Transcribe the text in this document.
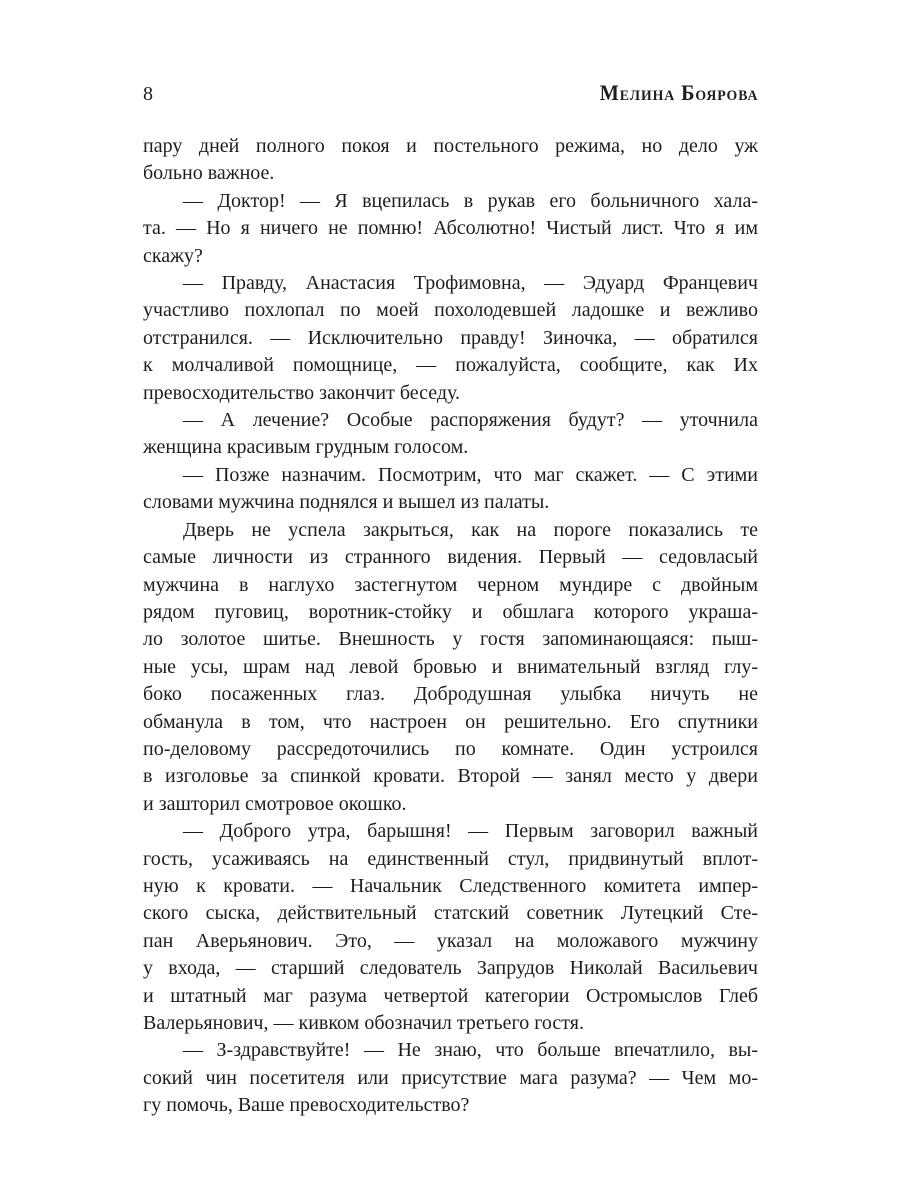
8	Мелина Боярова
пару дней полного покоя и постельного режима, но дело уж
больно важное.
— Доктор! — Я вцепилась в рукав его больничного хала-
та. — Но я ничего не помню! Абсолютно! Чистый лист. Что я им
скажу?
— Правду, Анастасия Трофимовна, — Эдуард Францевич
участливо похлопал по моей похолодевшей ладошке и вежливо
отстранился. — Исключительно правду! Зиночка, — обратился
к молчаливой помощнице, — пожалуйста, сообщите, как Их
превосходительство закончит беседу.
— А лечение? Особые распоряжения будут? — уточнила
женщина красивым грудным голосом.
— Позже назначим. Посмотрим, что маг скажет. — С этими
словами мужчина поднялся и вышел из палаты.
Дверь не успела закрыться, как на пороге показались те
самые личности из странного видения. Первый — седовласый
мужчина в наглухо застегнутом черном мундире с двойным
рядом пуговиц, воротник-стойку и обшлага которого украша-
ло золотое шитье. Внешность у гостя запоминающаяся: пыш-
ные усы, шрам над левой бровью и внимательный взгляд глу-
боко посаженных глаз. Добродушная улыбка ничуть не
обманула в том, что настроен он решительно. Его спутники
по-деловому рассредоточились по комнате. Один устроился
в изголовье за спинкой кровати. Второй — занял место у двери
и зашторил смотровое окошко.
— Доброго утра, барышня! — Первым заговорил важный
гость, усаживаясь на единственный стул, придвинутый вплот-
ную к кровати. — Начальник Следственного комитета импер-
ского сыска, действительный статский советник Лутецкий Сте-
пан Аверьянович. Это, — указал на моложавого мужчину
у входа, — старший следователь Запрудов Николай Васильевич
и штатный маг разума четвертой категории Остромыслов Глеб
Валерьянович, — кивком обозначил третьего гостя.
— З-здравствуйте! — Не знаю, что больше впечатлило, вы-
сокий чин посетителя или присутствие мага разума? — Чем мо-
гу помочь, Ваше превосходительство?
